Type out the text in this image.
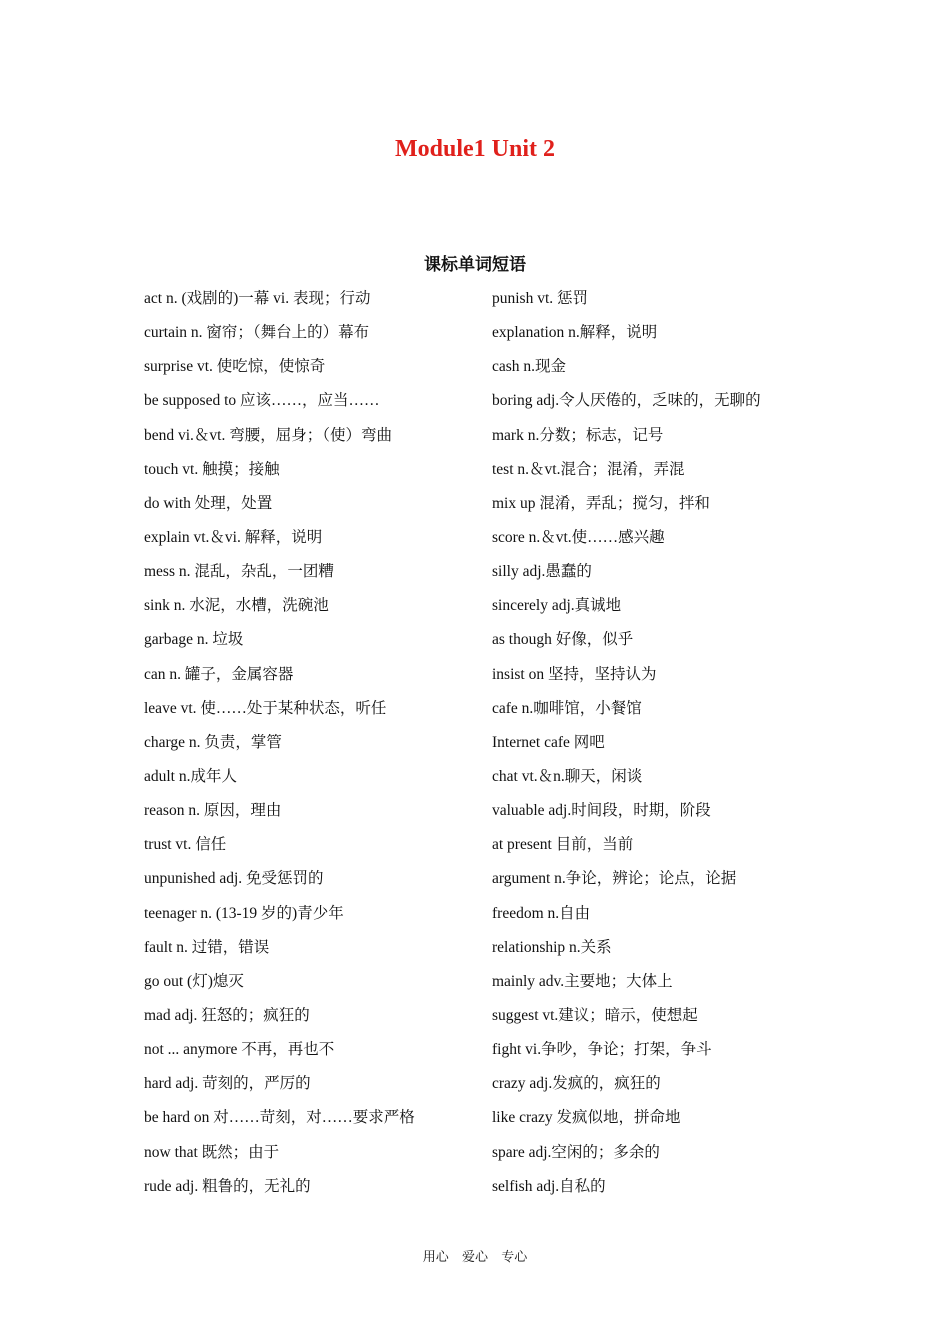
Module1 Unit 2
课标单词短语
act n. (戏剧的)一幕 vi. 表现；行动
curtain n. 窗帘；（舞台上的）幕布
surprise vt. 使吃惊，使惊奇
be supposed to 应该……，应当……
bend vi.＆vt. 弯腰，屈身；（使）弯曲
touch vt. 触摸；接触
do with 处理，处置
explain vt.＆vi. 解释，说明
mess n. 混乱，杂乱，一团糟
sink n. 水泥，水槽，洗碗池
garbage n. 垃圾
can n. 罐子，金属容器
leave vt. 使……处于某种状态，听任
charge n. 负责，掌管
adult n.成年人
reason n. 原因，理由
trust vt. 信任
unpunished adj. 免受惩罚的
teenager n. (13-19 岁的)青少年
fault n. 过错，错误
go out (灯)熄灭
mad adj. 狂怒的；疯狂的
not ... anymore 不再，再也不
hard adj. 苛刻的，严厉的
be hard on 对……苛刻，对……要求严格
now that 既然；由于
rude adj. 粗鲁的，无礼的
punish vt. 惩罚
explanation n.解释，说明
cash n.现金
boring adj.令人厌倦的，乏味的，无聊的
mark n.分数；标志，记号
test n.＆vt.混合；混淆，弄混
mix up 混淆，弄乱；搅匀，拌和
score n.＆vt.使……感兴趣
silly adj.愚蠢的
sincerely adj.真诚地
as though 好像，似乎
insist on 坚持，坚持认为
cafe n.咖啡馆，小餐馆
Internet cafe 网吧
chat vt.＆n.聊天，闲谈
valuable adj.时间段，时期，阶段
at present 目前，当前
argument n.争论，辨论；论点，论据
freedom n.自由
relationship n.关系
mainly adv.主要地；大体上
suggest vt.建议；暗示，使想起
fight vi.争吵，争论；打架，争斗
crazy adj.发疯的，疯狂的
like crazy 发疯似地，拼命地
spare adj.空闲的；多余的
selfish adj.自私的
用心 爱心 专心
